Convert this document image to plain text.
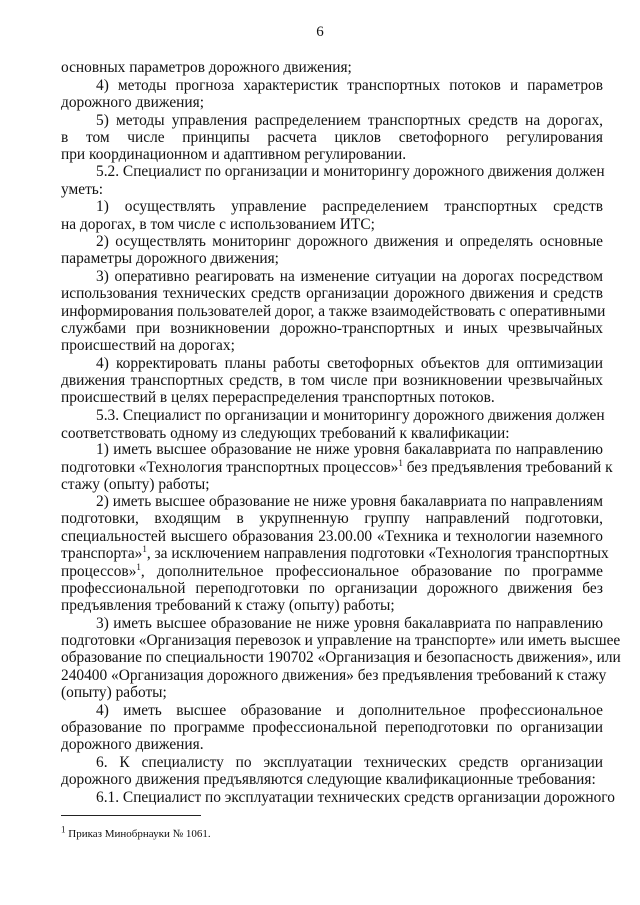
6
основных параметров дорожного движения;
4) методы прогноза характеристик транспортных потоков и параметров
дорожного движения;
5) методы управления распределением транспортных средств на дорогах,
в том числе принципы расчета циклов светофорного регулирования
при координационном и адаптивном регулировании.
5.2. Специалист по организации и мониторингу дорожного движения должен
уметь:
1) осуществлять управление распределением транспортных средств
на дорогах, в том числе с использованием ИТС;
2) осуществлять мониторинг дорожного движения и определять основные
параметры дорожного движения;
3) оперативно реагировать на изменение ситуации на дорогах посредством
использования технических средств организации дорожного движения и средств
информирования пользователей дорог, а также взаимодействовать с оперативными
службами при возникновении дорожно-транспортных и иных чрезвычайных
происшествий на дорогах;
4) корректировать планы работы светофорных объектов для оптимизации
движения транспортных средств, в том числе при возникновении чрезвычайных
происшествий в целях перераспределения транспортных потоков.
5.3. Специалист по организации и мониторингу дорожного движения должен
соответствовать одному из следующих требований к квалификации:
1) иметь высшее образование не ниже уровня бакалавриата по направлению
подготовки «Технология транспортных процессов»$^1$ без предъявления требований к
стажу (опыту) работы;
2) иметь высшее образование не ниже уровня бакалавриата по направлениям
подготовки, входящим в укрупненную группу направлений подготовки,
специальностей высшего образования 23.00.00 «Техника и технологии наземного
транспорта»$^1$, за исключением направления подготовки «Технология транспортных
процессов»$^1$, дополнительное профессиональное образование по программе
профессиональной переподготовки по организации дорожного движения без
предъявления требований к стажу (опыту) работы;
3) иметь высшее образование не ниже уровня бакалавриата по направлению
подготовки «Организация перевозок и управление на транспорте» или иметь высшее
образование по специальности 190702 «Организация и безопасность движения», или
240400 «Организация дорожного движения» без предъявления требований к стажу
(опыту) работы;
4) иметь высшее образование и дополнительное профессиональное
образование по программе профессиональной переподготовки по организации
дорожного движения.
6. К специалисту по эксплуатации технических средств организации
дорожного движения предъявляются следующие квалификационные требования:
6.1. Специалист по эксплуатации технических средств организации дорожного
$^1$ Приказ Минобрнауки № 1061.
